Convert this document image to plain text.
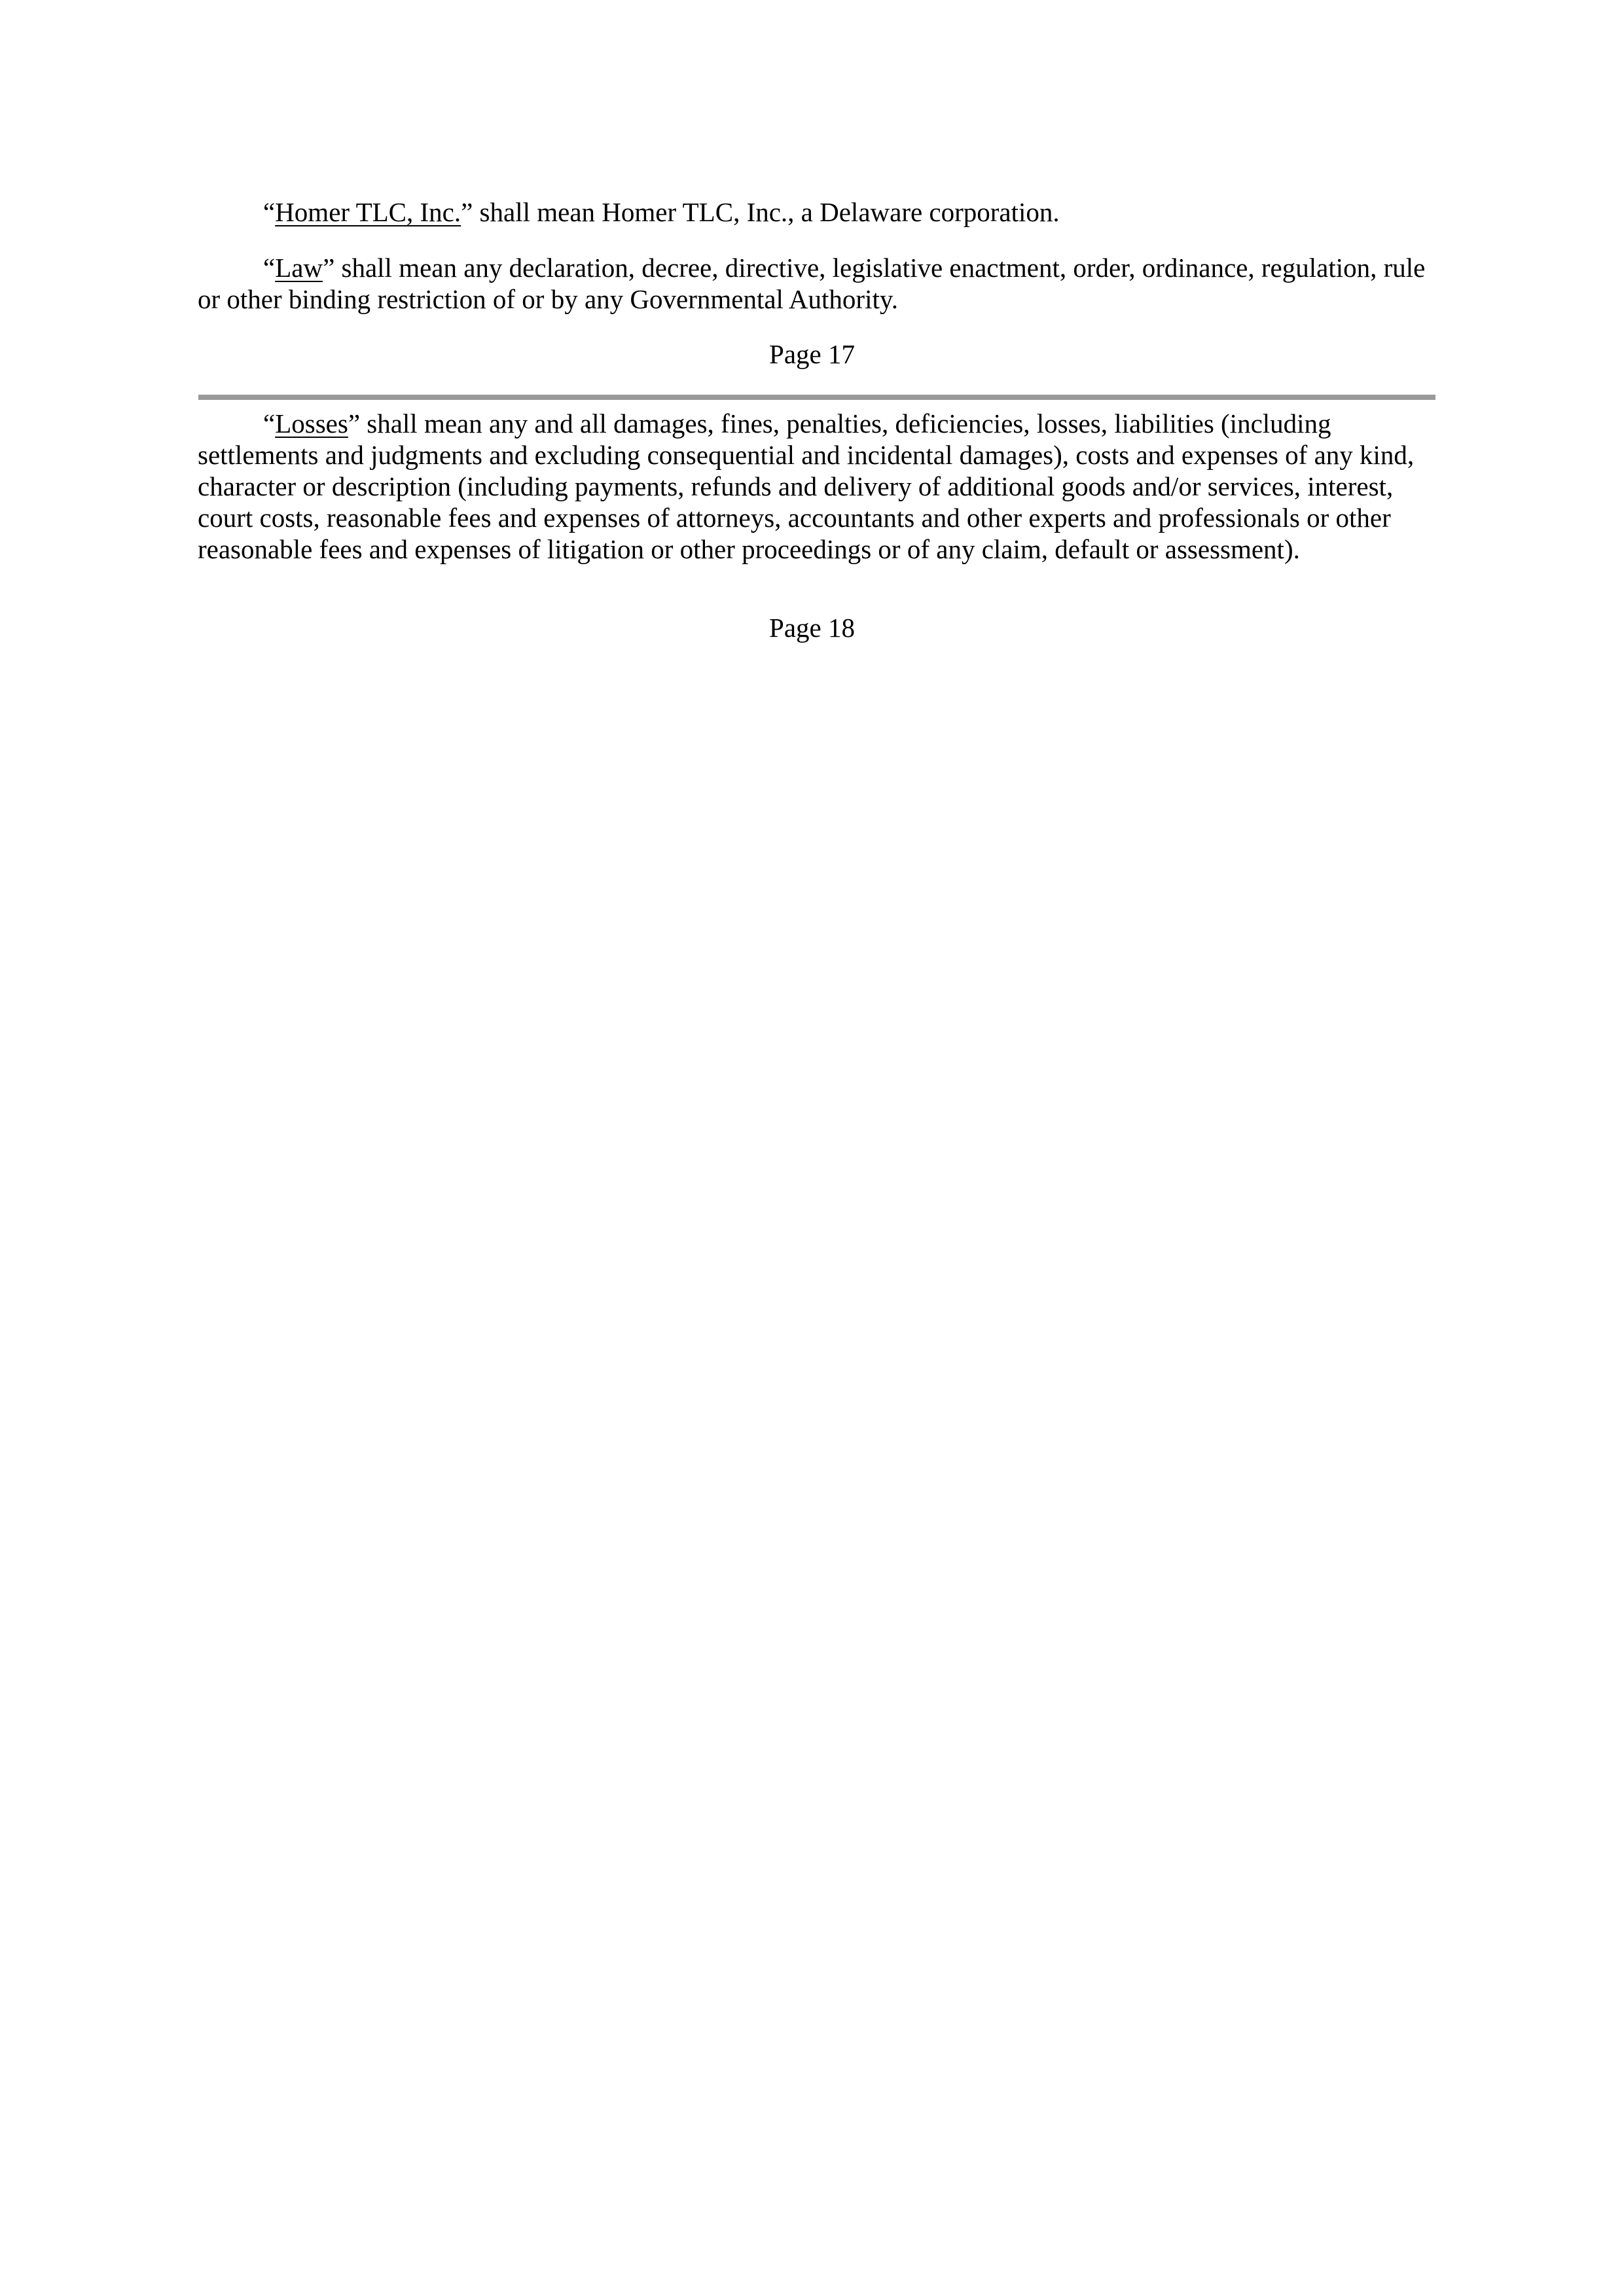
“Homer TLC, Inc.” shall mean Homer TLC, Inc., a Delaware corporation.

“Law” shall mean any declaration, decree, directive, legislative enactment, order, ordinance, regulation, rule or other binding restriction of or by any Governmental Authority.

Page 17

“Losses” shall mean any and all damages, fines, penalties, deficiencies, losses, liabilities (including settlements and judgments and excluding consequential and incidental damages), costs and expenses of any kind, character or description (including payments, refunds and delivery of additional goods and/or services, interest, court costs, reasonable fees and expenses of attorneys, accountants and other experts and professionals or other reasonable fees and expenses of litigation or other proceedings or of any claim, default or assessment).

Page 18
